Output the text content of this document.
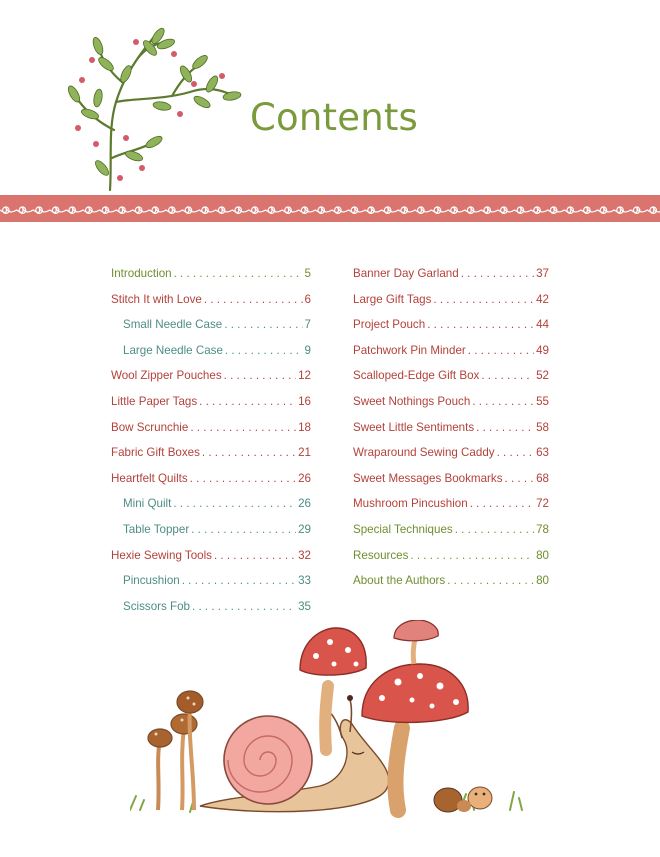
Contents
Introduction . . .	5
Stitch It with Love . . .	6
Small Needle Case . . .	7
Large Needle Case . . .	9
Wool Zipper Pouches . . .	12
Little Paper Tags . . .	16
Bow Scrunchie . . .	18
Fabric Gift Boxes . . .	21
Heartfelt Quilts . . .	26
Mini Quilt . . .	26
Table Topper . . .	29
Hexie Sewing Tools . . .	32
Pincushion . . .	33
Scissors Fob . . .	35
Banner Day Garland . . .	37
Large Gift Tags . . .	42
Project Pouch . . .	44
Patchwork Pin Minder . . .	49
Scalloped-Edge Gift Box . . .	52
Sweet Nothings Pouch . . .	55
Sweet Little Sentiments . . .	58
Wraparound Sewing Caddy . . .	63
Sweet Messages Bookmarks . . .	68
Mushroom Pincushion . . .	72
Special Techniques . . .	78
Resources . . .	80
About the Authors . . .	80
